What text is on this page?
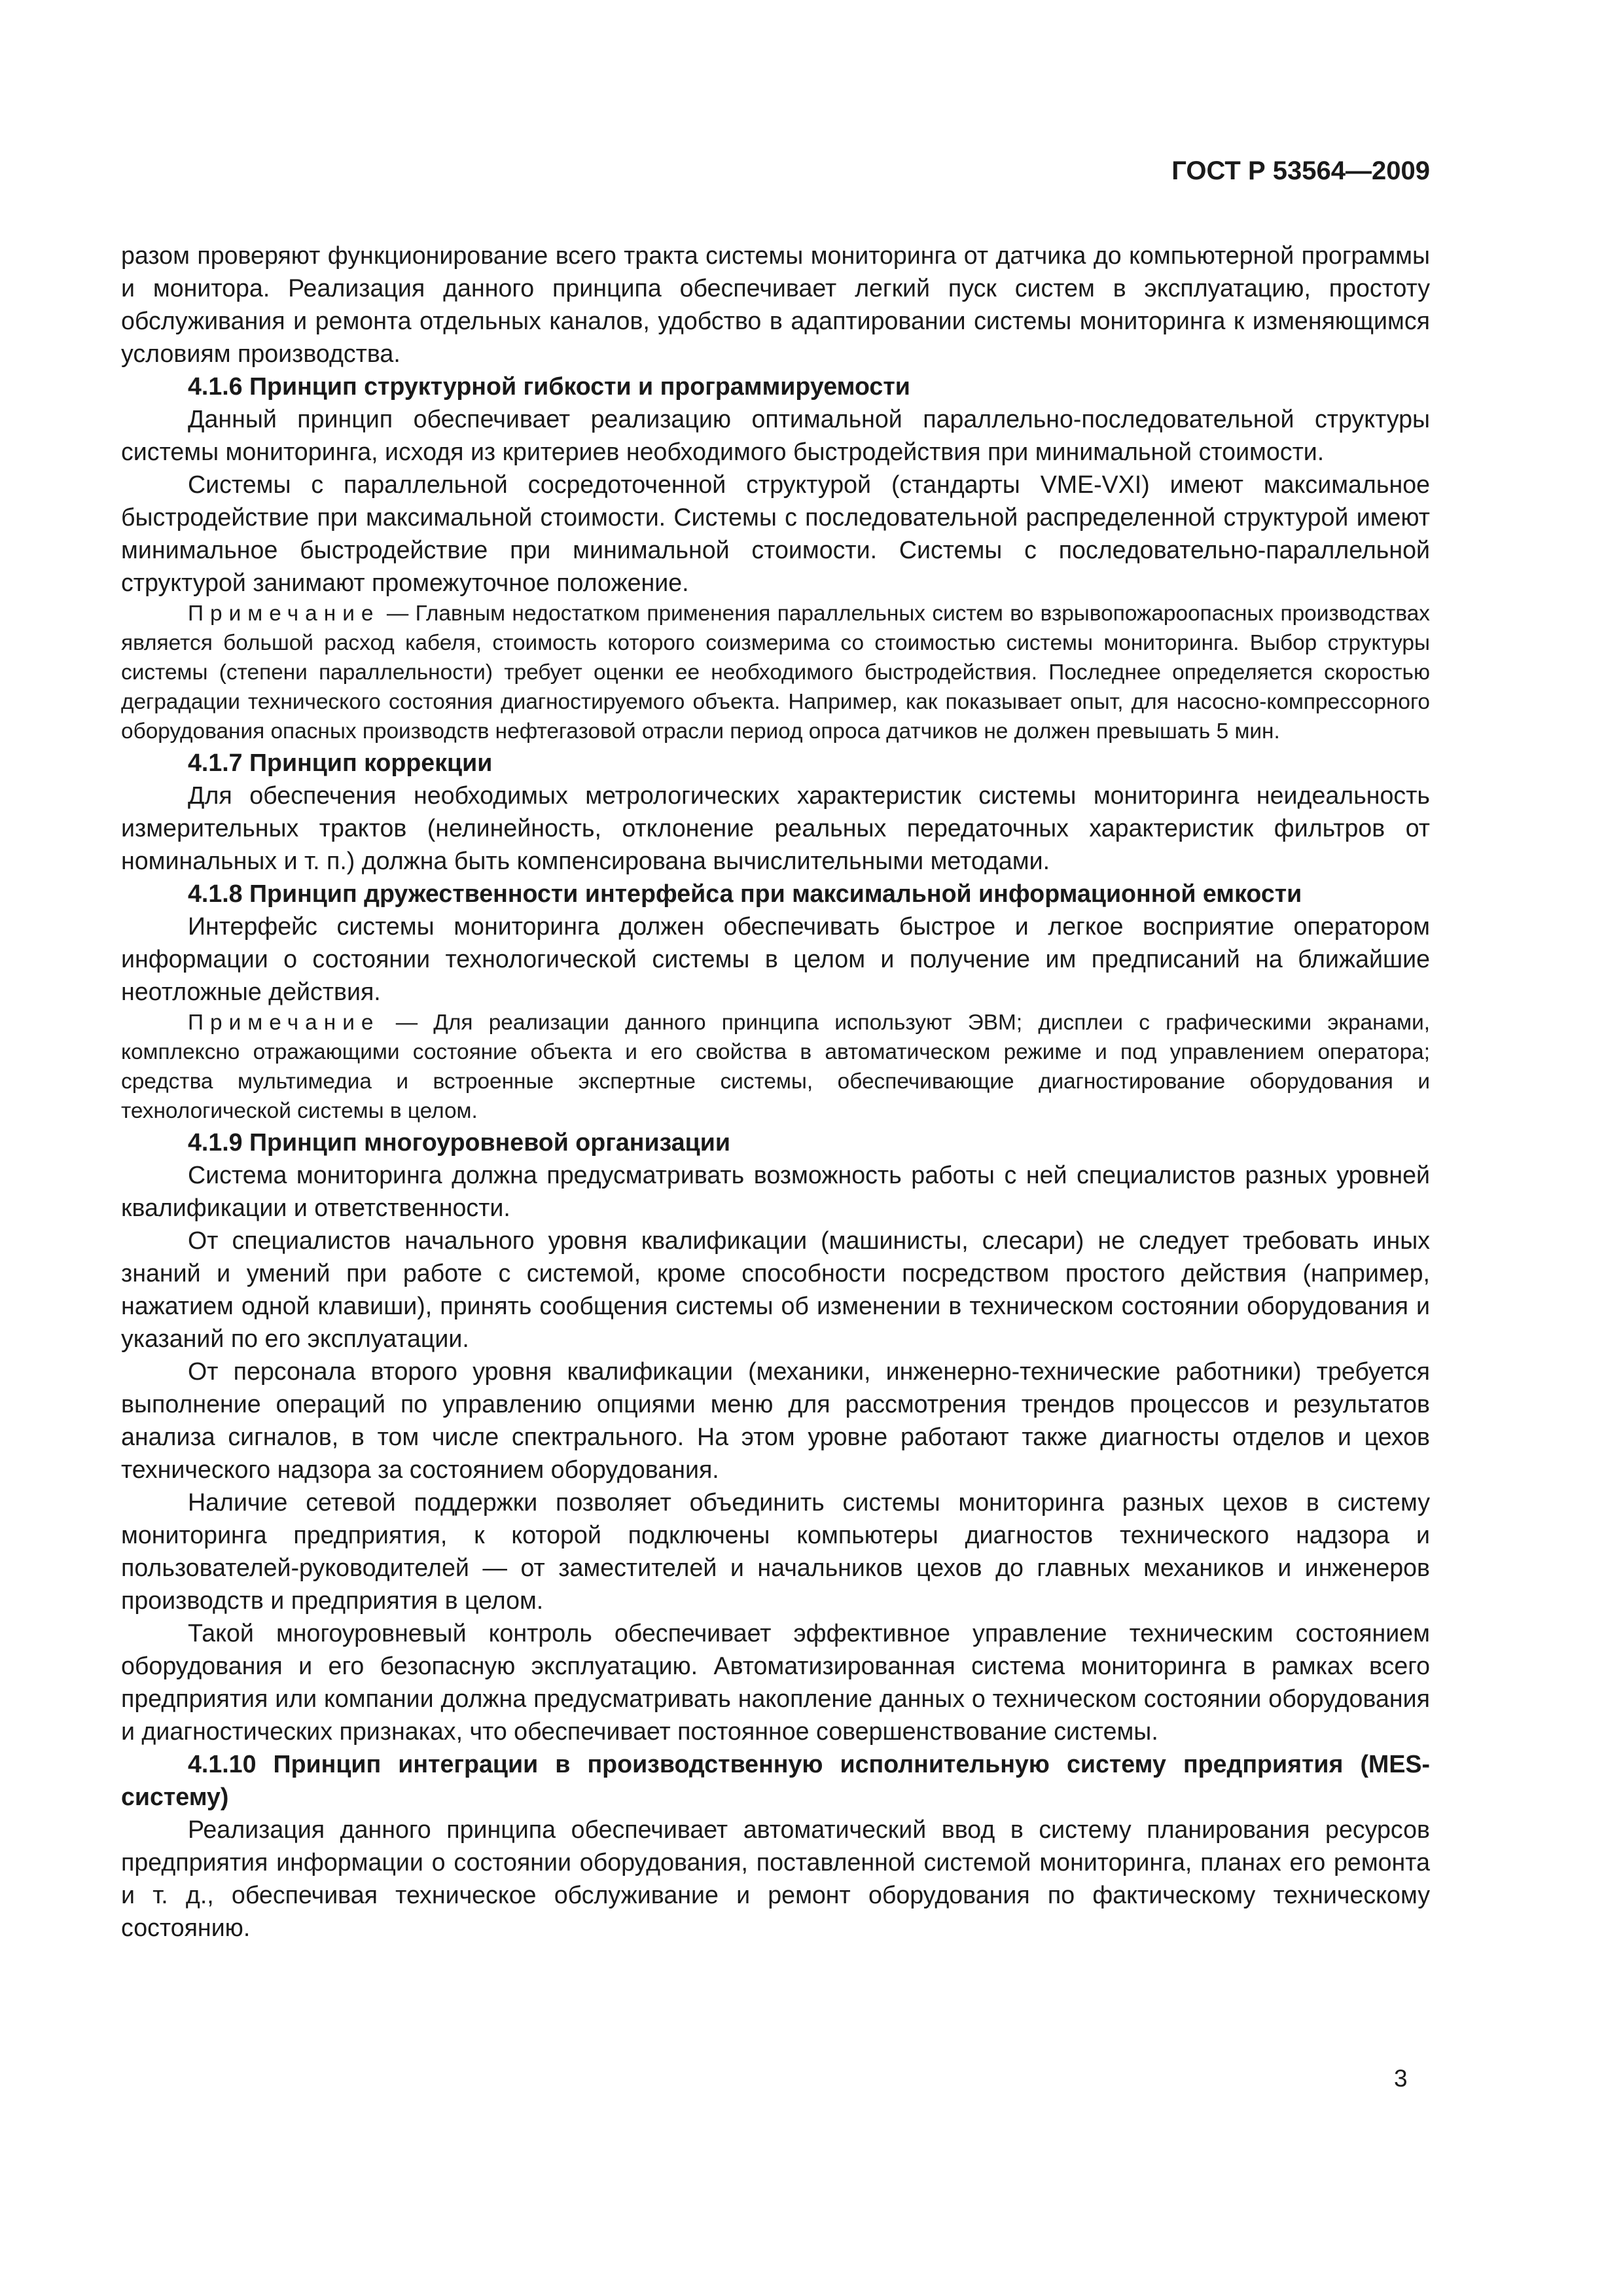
ГОСТ Р 53564—2009

разом проверяют функционирование всего тракта системы мониторинга от датчика до компьютерной программы и монитора. Реализация данного принципа обеспечивает легкий пуск систем в эксплуатацию, простоту обслуживания и ремонта отдельных каналов, удобство в адаптировании системы мониторинга к изменяющимся условиям производства.

4.1.6 Принцип структурной гибкости и программируемости

Данный принцип обеспечивает реализацию оптимальной параллельно-последовательной структуры системы мониторинга, исходя из критериев необходимого быстродействия при минимальной стоимости.

Системы с параллельной сосредоточенной структурой (стандарты VME-VXI) имеют максимальное быстродействие при максимальной стоимости. Системы с последовательной распределенной структурой имеют минимальное быстродействие при минимальной стоимости. Системы с последовательно-параллельной структурой занимают промежуточное положение.

Примечание — Главным недостатком применения параллельных систем во взрывопожароопасных производствах является большой расход кабеля, стоимость которого соизмерима со стоимостью системы мониторинга. Выбор структуры системы (степени параллельности) требует оценки ее необходимого быстродействия. Последнее определяется скоростью деградации технического состояния диагностируемого объекта. Например, как показывает опыт, для насосно-компрессорного оборудования опасных производств нефтегазовой отрасли период опроса датчиков не должен превышать 5 мин.

4.1.7 Принцип коррекции

Для обеспечения необходимых метрологических характеристик системы мониторинга неидеальность измерительных трактов (нелинейность, отклонение реальных передаточных характеристик фильтров от номинальных и т. п.) должна быть компенсирована вычислительными методами.

4.1.8 Принцип дружественности интерфейса при максимальной информационной емкости

Интерфейс системы мониторинга должен обеспечивать быстрое и легкое восприятие оператором информации о состоянии технологической системы в целом и получение им предписаний на ближайшие неотложные действия.

Примечание — Для реализации данного принципа используют ЭВМ; дисплеи с графическими экранами, комплексно отражающими состояние объекта и его свойства в автоматическом режиме и под управлением оператора; средства мультимедиа и встроенные экспертные системы, обеспечивающие диагностирование оборудования и технологической системы в целом.

4.1.9 Принцип многоуровневой организации

Система мониторинга должна предусматривать возможность работы с ней специалистов разных уровней квалификации и ответственности.

От специалистов начального уровня квалификации (машинисты, слесари) не следует требовать иных знаний и умений при работе с системой, кроме способности посредством простого действия (например, нажатием одной клавиши), принять сообщения системы об изменении в техническом состоянии оборудования и указаний по его эксплуатации.

От персонала второго уровня квалификации (механики, инженерно-технические работники) требуется выполнение операций по управлению опциями меню для рассмотрения трендов процессов и результатов анализа сигналов, в том числе спектрального. На этом уровне работают также диагносты отделов и цехов технического надзора за состоянием оборудования.

Наличие сетевой поддержки позволяет объединить системы мониторинга разных цехов в систему мониторинга предприятия, к которой подключены компьютеры диагностов технического надзора и пользователей-руководителей — от заместителей и начальников цехов до главных механиков и инженеров производств и предприятия в целом.

Такой многоуровневый контроль обеспечивает эффективное управление техническим состоянием оборудования и его безопасную эксплуатацию. Автоматизированная система мониторинга в рамках всего предприятия или компании должна предусматривать накопление данных о техническом состоянии оборудования и диагностических признаках, что обеспечивает постоянное совершенствование системы.

4.1.10 Принцип интеграции в производственную исполнительную систему предприятия (MES-систему)

Реализация данного принципа обеспечивает автоматический ввод в систему планирования ресурсов предприятия информации о состоянии оборудования, поставленной системой мониторинга, планах его ремонта и т. д., обеспечивая техническое обслуживание и ремонт оборудования по фактическому техническому состоянию.

3
